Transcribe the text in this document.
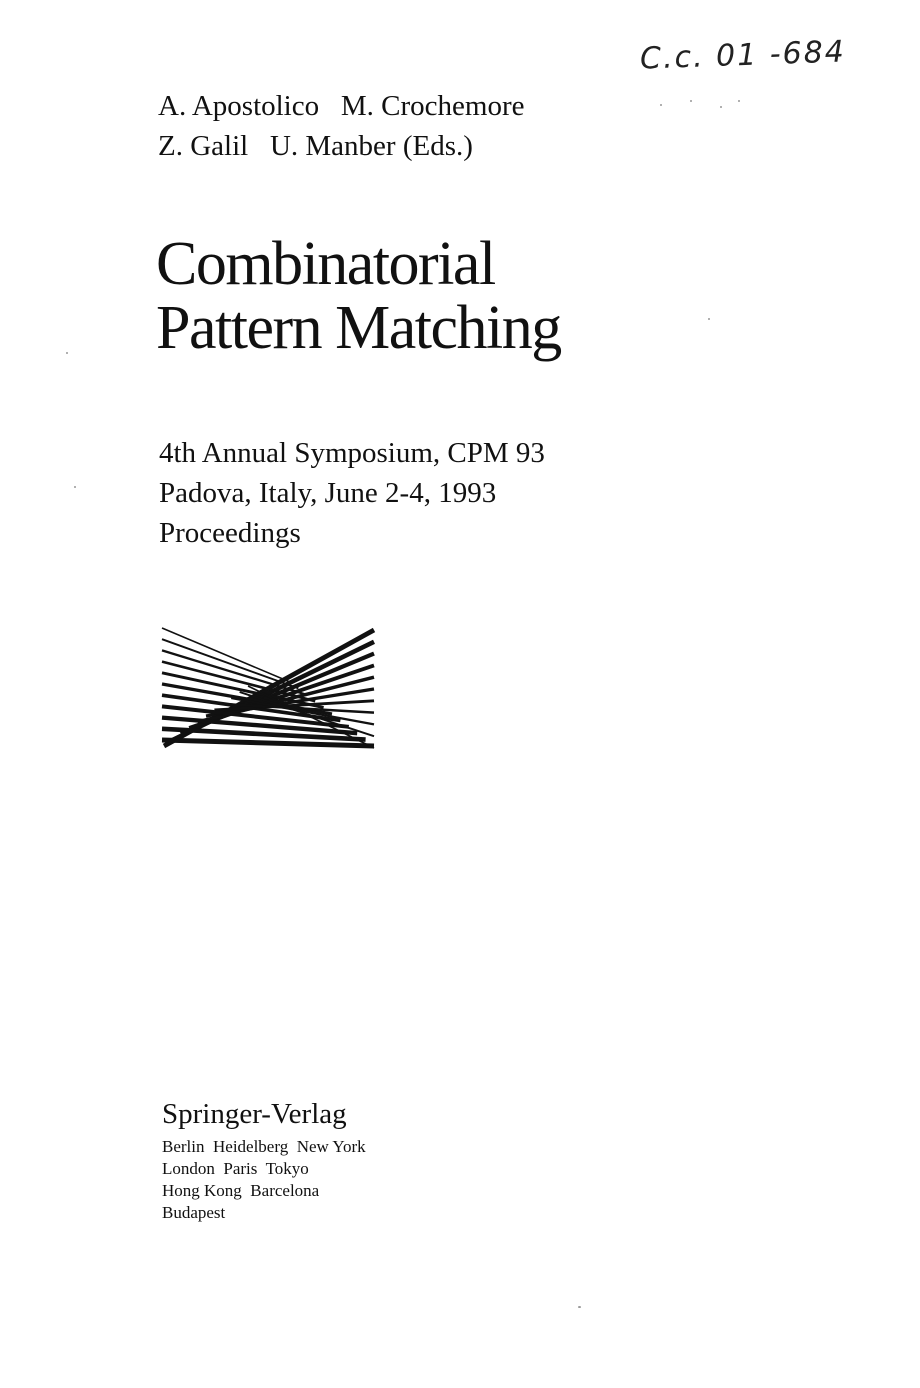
C.c. 01 -684
A. Apostolico   M. Crochemore
Z. Galil   U. Manber (Eds.)
Combinatorial
Pattern Matching
4th Annual Symposium, CPM 93
Padova, Italy, June 2-4, 1993
Proceedings
Springer-Verlag
Berlin  Heidelberg  New York
London  Paris  Tokyo
Hong Kong  Barcelona
Budapest
